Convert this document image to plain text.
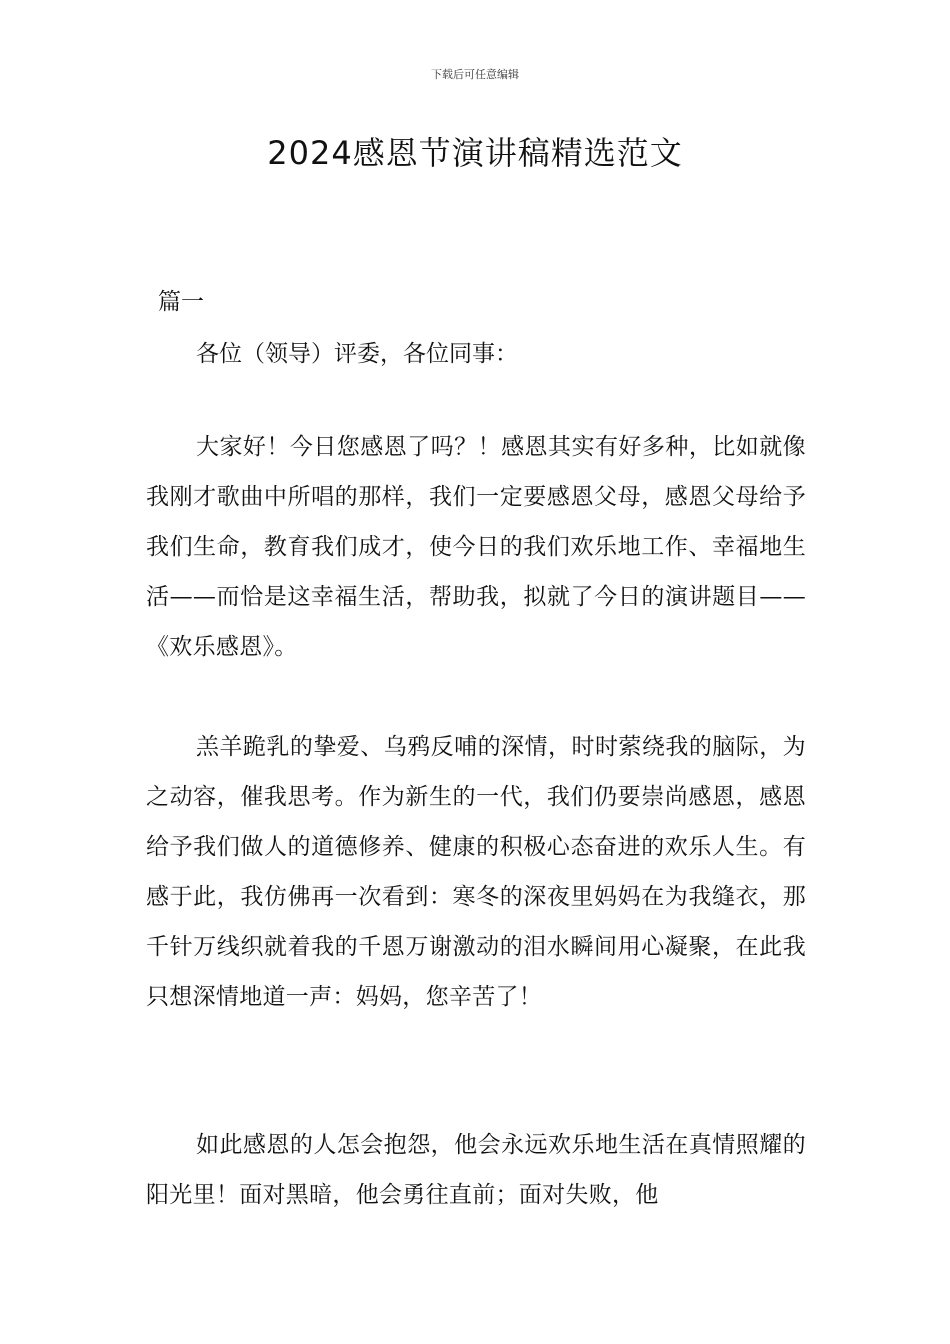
下载后可任意编辑
2024感恩节演讲稿精选范文
篇一
各位（领导）评委，各位同事：

大家好！今日您感恩了吗？！感恩其实有好多种，比如就像我刚才歌曲中所唱的那样，我们一定要感恩父母，感恩父母给予我们生命，教育我们成才，使今日的我们欢乐地工作、幸福地生活——而恰是这幸福生活，帮助我，拟就了今日的演讲题目——《欢乐感恩》。

羔羊跪乳的挚爱、乌鸦反哺的深情，时时萦绕我的脑际，为之动容，催我思考。作为新生的一代，我们仍要崇尚感恩，感恩给予我们做人的道德修养、健康的积极心态奋进的欢乐人生。有感于此，我仿佛再一次看到：寒冬的深夜里妈妈在为我缝衣，那千针万线织就着我的千恩万谢激动的泪水瞬间用心凝聚，在此我只想深情地道一声：妈妈，您辛苦了！

如此感恩的人怎会抱怨，他会永远欢乐地生活在真情照耀的阳光里！面对黑暗，他会勇往直前；面对失败，他
